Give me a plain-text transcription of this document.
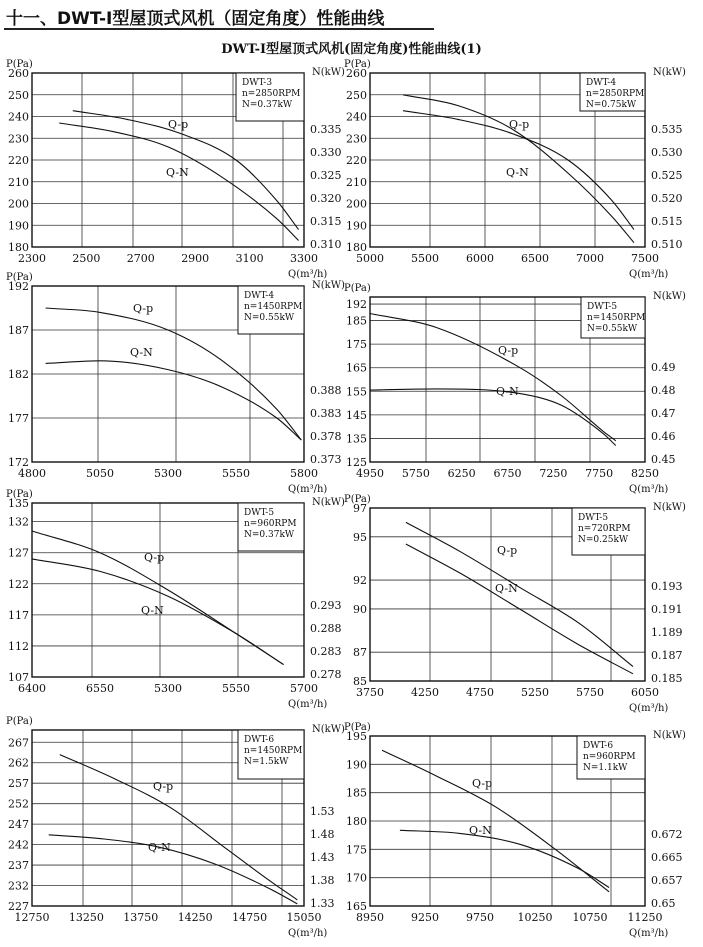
十一、DWT-Ⅰ型屋顶式风机（固定角度）性能曲线
DWT-Ⅰ型屋顶式风机(固定角度)性能曲线(1)
180
190
200
210
220
230
240
250
260
0.335
0.330
0.325
0.320
0.315
0.310
2300 2500 2700 2900 3100 3300
P(Pa)
N(kW)
Q(m³/h)
DWT-3
n=2850RPM
N=0.37kW
Q-p
Q-N
180
190
200
210
220
230
240
250
260
0.535
0.530
0.525
0.520
0.515
0.510
5000 5500 6000 6500 7000 7500
P(Pa)
N(kW)
Q(m³/h)
DWT-4
n=2850RPM
N=0.75kW
Q-p
Q-N
172
177
182
187
192
0.388
0.383
0.378
0.373
4800	5050	5300	5550	5800
P(Pa)
N(kW)
Q(m³/h)
DWT-4
n=1450RPM
N=0.55kW
Q-p
Q-N
125
135
145
155
165
175
185
192
0.49
0.48
0.47
0.46
0.45
4950 5750 6250 6750 7250 7750 8250
P(Pa)
N(kW)
Q(m³/h)
DWT-5
n=1450RPM
N=0.55kW
Q-p
Q-N
107
112
117
122
127
132
135
0.293
0.288
0.283
0.278
6400	6550	5300	5550	5700
P(Pa)
N(kW)
Q(m³/h)
DWT-5
n=960RPM
N=0.37kW
Q-p
Q-N
85
87
90
92
95
97
0.193
0.191
1.189
0.187
0.185
3750 4250 4750 5250 5750 6050
P(Pa)
N(kW)
Q(m³/h)
DWT-5
n=720RPM
N=0.25kW
Q-p
Q-N
227
232
237
242
247
252
257
262
267
1.53
1.48
1.43
1.38
1.33
12750 13250 13750 14250 14750 15050
P(Pa)
N(kW)
Q(m³/h)
DWT-6
n=1450RPM
N=1.5kW
Q-p
Q-N
165
170
175
180
185
190
195
0.672
0.665
0.657
0.65
8950 9250 9750 10250 10750 11250
P(Pa)
N(kW)
Q(m³/h)
DWT-6
n=960RPM
N=1.1kW
Q-p
Q-N
